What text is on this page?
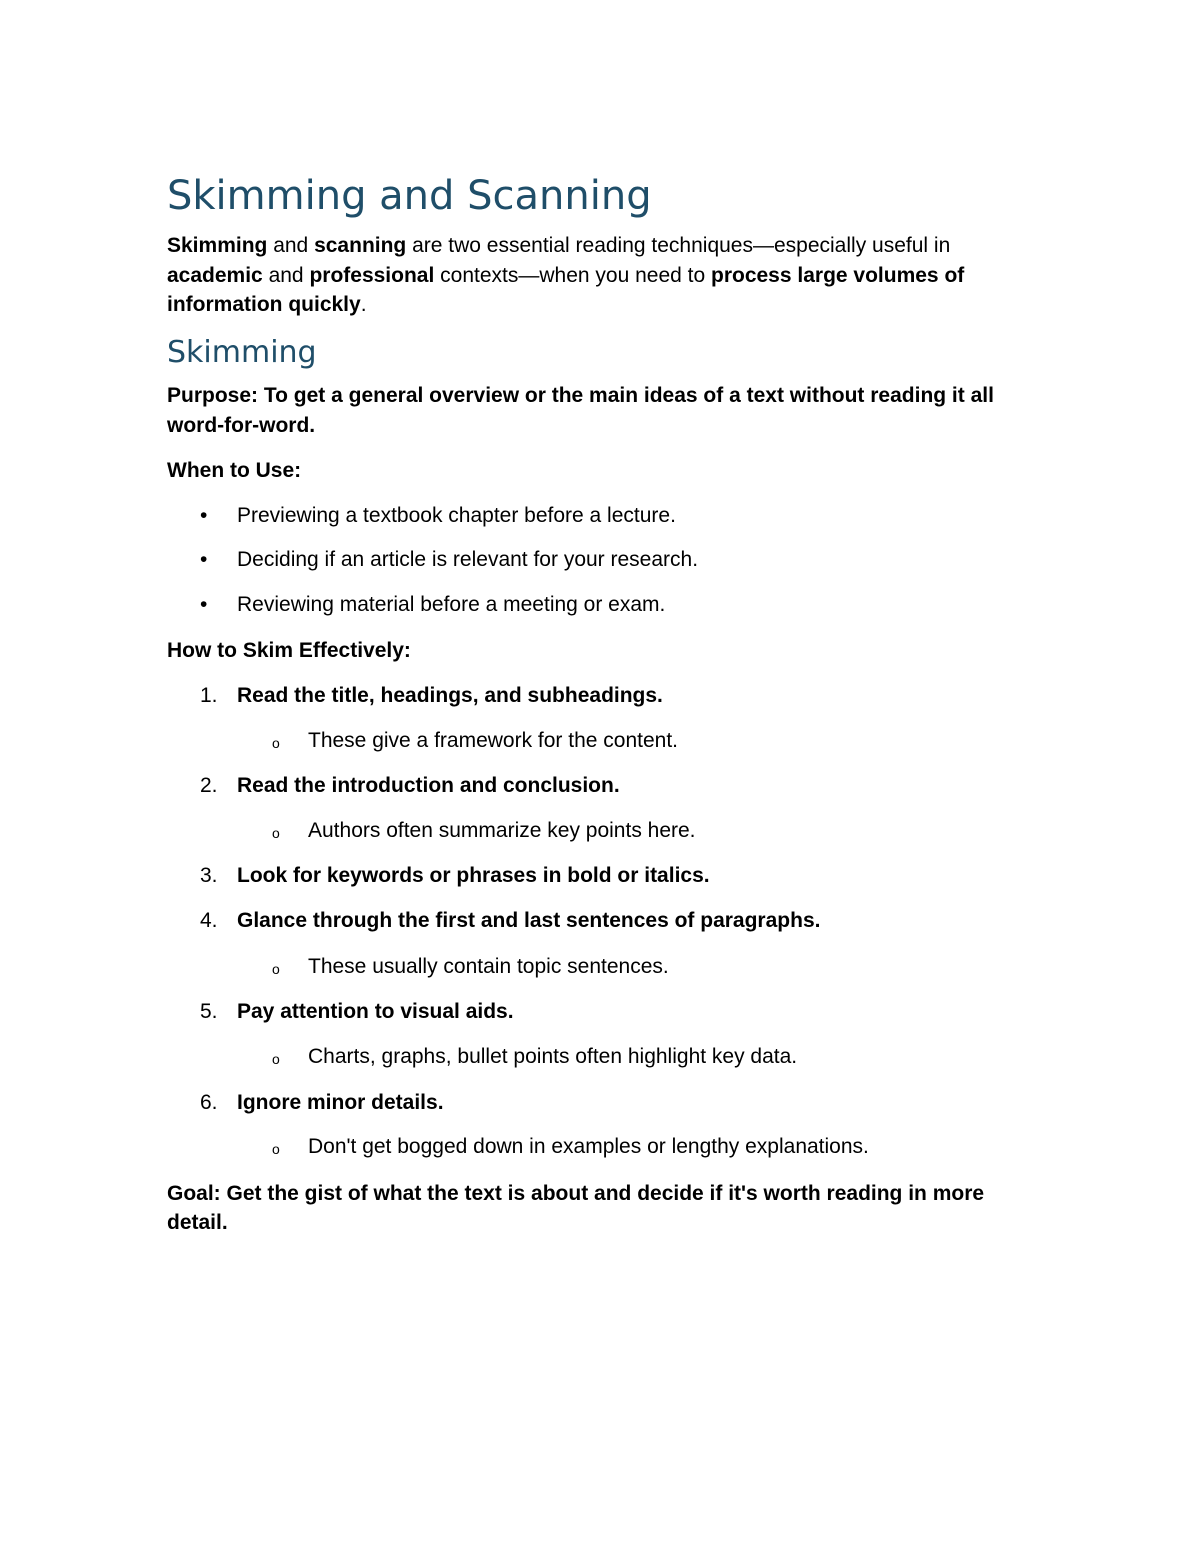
Skimming and Scanning

Skimming and scanning are two essential reading techniques—especially useful in academic and professional contexts—when you need to process large volumes of information quickly.

Skimming

Purpose: To get a general overview or the main ideas of a text without reading it all word-for-word.

When to Use:

• Previewing a textbook chapter before a lecture.

• Deciding if an article is relevant for your research.

• Reviewing material before a meeting or exam.

How to Skim Effectively:

1. Read the title, headings, and subheadings.

o These give a framework for the content.

2. Read the introduction and conclusion.

o Authors often summarize key points here.

3. Look for keywords or phrases in bold or italics.

4. Glance through the first and last sentences of paragraphs.

o These usually contain topic sentences.

5. Pay attention to visual aids.

o Charts, graphs, bullet points often highlight key data.

6. Ignore minor details.

o Don't get bogged down in examples or lengthy explanations.

Goal: Get the gist of what the text is about and decide if it's worth reading in more detail.
